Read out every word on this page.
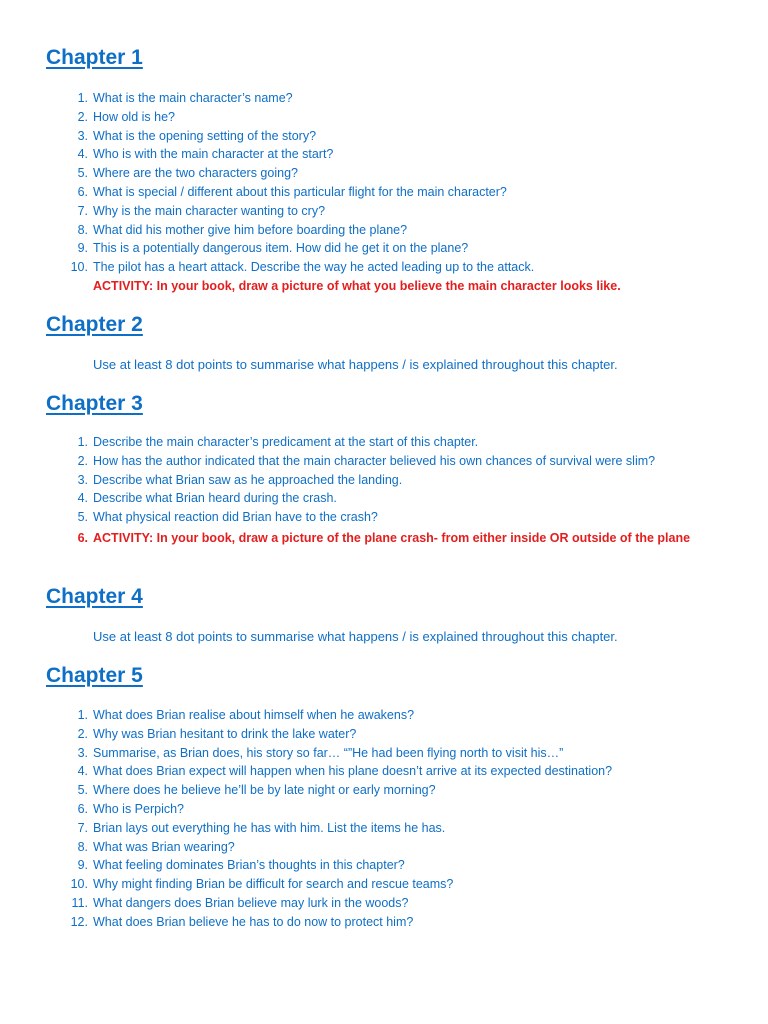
Chapter 1
1. What is the main character’s name?
2. How old is he?
3. What is the opening setting of the story?
4. Who is with the main character at the start?
5. Where are the two characters going?
6. What is special / different about this particular flight for the main character?
7. Why is the main character wanting to cry?
8. What did his mother give him before boarding the plane?
9. This is a potentially dangerous item. How did he get it on the plane?
10. The pilot has a heart attack. Describe the way he acted leading up to the attack.

ACTIVITY: In your book, draw a picture of what you believe the main character looks like.

Chapter 2

Use at least 8 dot points to summarise what happens / is explained throughout this chapter.

Chapter 3
1. Describe the main character’s predicament at the start of this chapter.
2. How has the author indicated that the main character believed his own chances of survival were slim?
3. Describe what Brian saw as he approached the landing.
4. Describe what Brian heard during the crash.
5. What physical reaction did Brian have to the crash?
6. ACTIVITY: In your book, draw a picture of the plane crash- from either inside OR outside of the plane
Chapter 4

Use at least 8 dot points to summarise what happens / is explained throughout this chapter.

Chapter 5
1. What does Brian realise about himself when he awakens?
2. Why was Brian hesitant to drink the lake water?
3. Summarise, as Brian does, his story so far… “”He had been flying north to visit his…”
4. What does Brian expect will happen when his plane doesn’t arrive at its expected destination?
5. Where does he believe he’ll be by late night or early morning?
6. Who is Perpich?
7. Brian lays out everything he has with him. List the items he has.
8. What was Brian wearing?
9. What feeling dominates Brian’s thoughts in this chapter?
10. Why might finding Brian be difficult for search and rescue teams?
11. What dangers does Brian believe may lurk in the woods?
12. What does Brian believe he has to do now to protect him?
